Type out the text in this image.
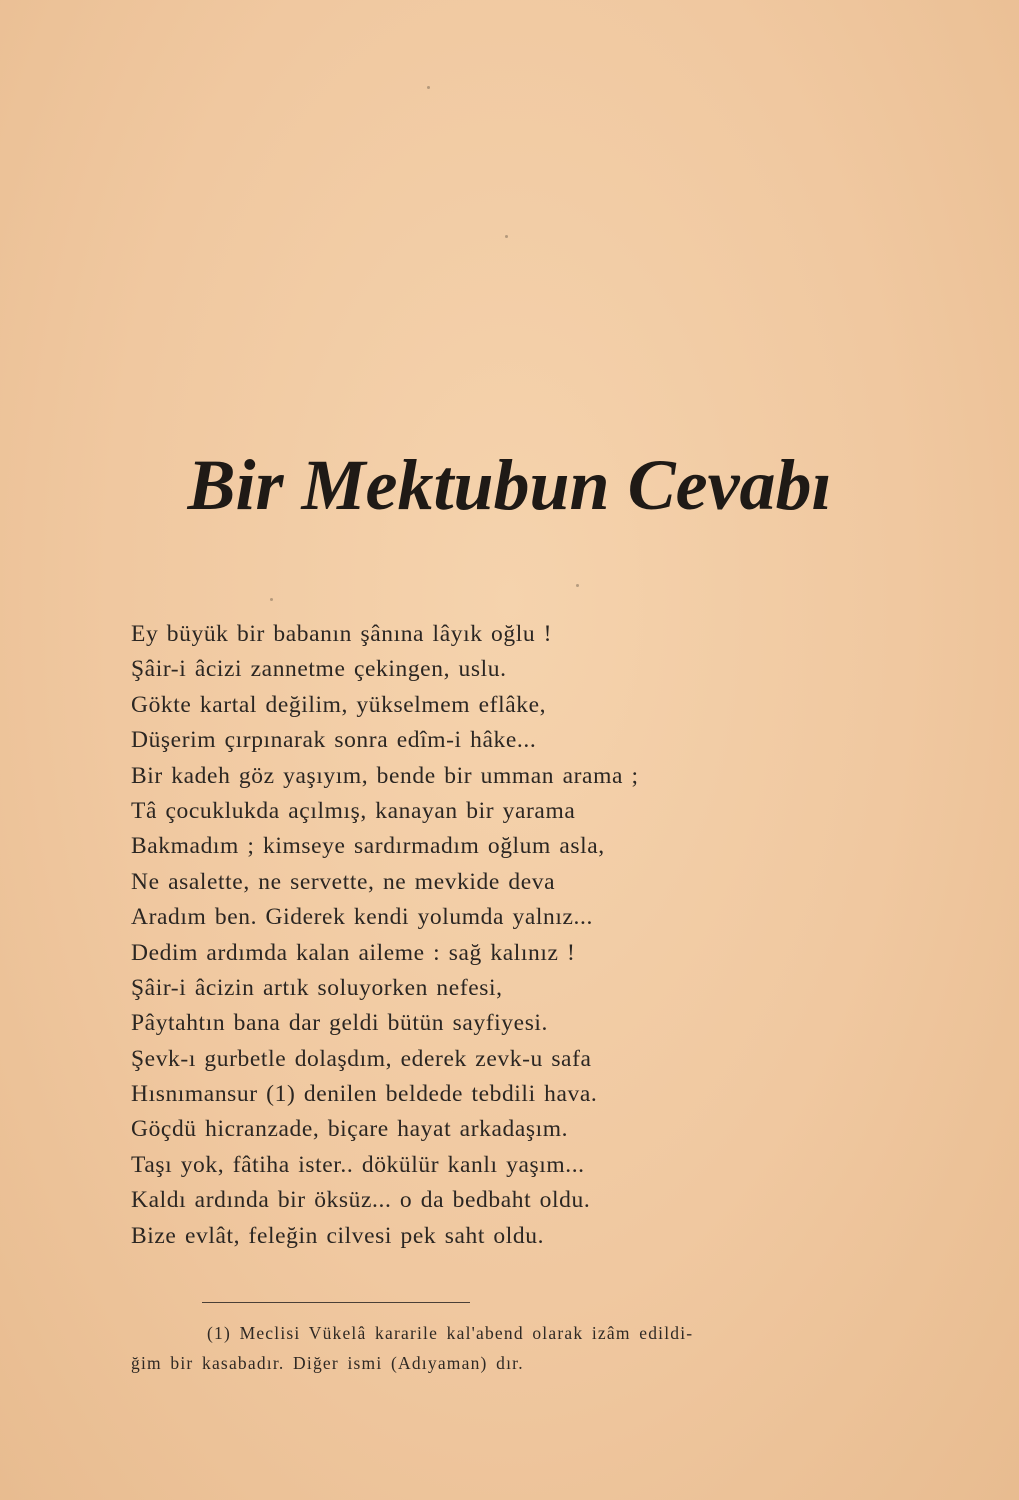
Bir Mektubun Cevabı
Ey büyük bir babanın şânına lâyık oğlu !
Şâir-i âcizi zannetme çekingen, uslu.
Gökte kartal değilim, yükselmem eflâke,
Düşerim çırpınarak sonra edîm-i hâke...
Bir kadeh göz yaşıyım, bende bir umman arama ;
Tâ çocuklukda açılmış, kanayan bir yarama
Bakmadım ; kimseye sardırmadım oğlum asla,
Ne asalette, ne servette, ne mevkide deva
Aradım ben. Giderek kendi yolumda yalnız...
Dedim ardımda kalan aileme : sağ kalınız !
Şâir-i âcizin artık soluyorken nefesi,
Pâytahtın bana dar geldi bütün sayfiyesi.
Şevk-ı gurbetle dolaşdım, ederek zevk-u safa
Hısnımansur (1) denilen beldede tebdili hava.
Göçdü hicranzade, biçare hayat arkadaşım.
Taşı yok, fâtiha ister.. dökülür kanlı yaşım...
Kaldı ardında bir öksüz... o da bedbaht oldu.
Bize evlât, feleğin cilvesi pek saht oldu.
(1) Meclisi Vükelâ kararile kal'abend olarak izâm edildi-
ğim bir kasabadır. Diğer ismi (Adıyaman) dır.
